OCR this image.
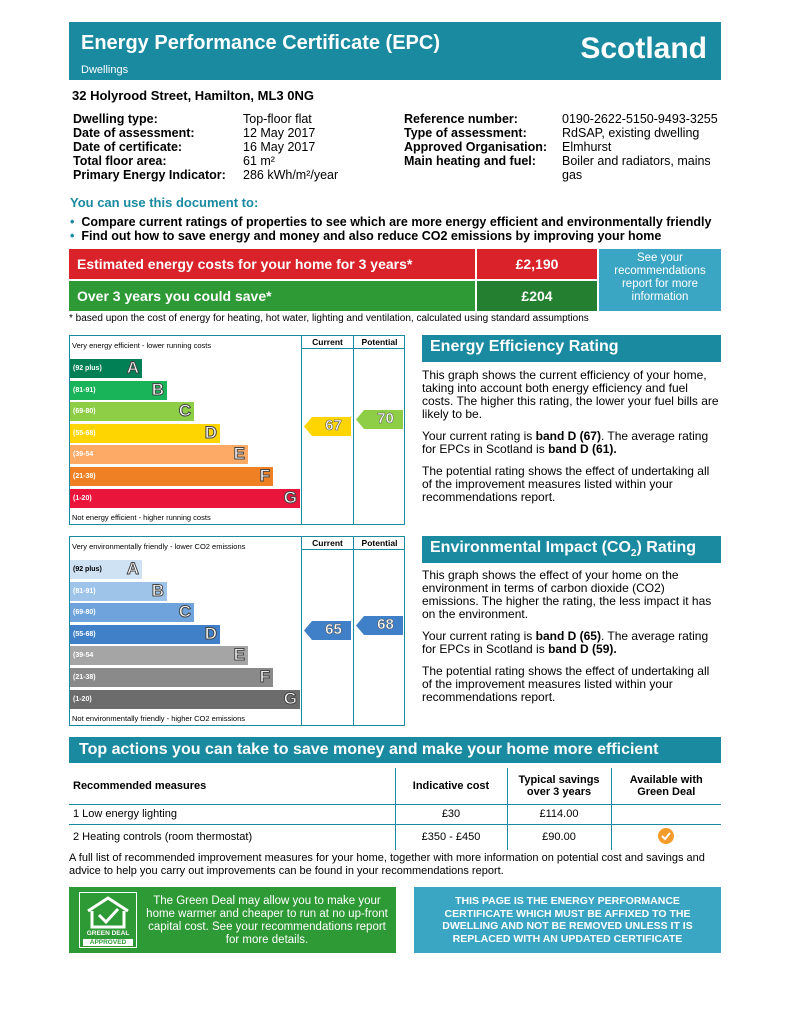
Energy Performance Certificate (EPC)
Dwellings
Scotland
32 Holyrood Street, Hamilton, ML3 0NG
Dwelling type:	Top-floor flat
Date of assessment:	12 May 2017
Date of certificate:	16 May 2017
Total floor area:	61 m²
Primary Energy Indicator:	286 kWh/m²/year
Reference number:	0190-2622-5150-9493-3255
Type of assessment:	RdSAP, existing dwelling
Approved Organisation:	Elmhurst
Main heating and fuel:	Boiler and radiators, mains gas
You can use this document to:
• Compare current ratings of properties to see which are more energy efficient and environmentally friendly
• Find out how to save energy and money and also reduce CO2 emissions by improving your home
Estimated energy costs for your home for 3 years*	£2,190
Over 3 years you could save*	£204
See your recommendations report for more information
* based upon the cost of energy for heating, hot water, lighting and ventilation, calculated using standard assumptions
Current	Potential
Very energy efficient - lower running costs
Not energy efficient - higher running costs
(92 plus) A
(81-91)	B
(69-80)	C
(55-68)	D
(39-54	E
(21-38)	F
(1-20)	G
67	70
Current	Potential
Very environmentally friendly - lower CO2 emissions
Not environmentally friendly - higher CO2 emissions
(92 plus) A
(81-91)	B
(69-80)	C
(55-68)	D
(39-54	E
(21-38)	F
(1-20)	G
65	68
Energy Efficiency Rating

This graph shows the current efficiency of your home, taking into account both energy efficiency and fuel costs. The higher this rating, the lower your fuel bills are likely to be.

Your current rating is band D (67). The average rating for EPCs in Scotland is band D (61).

The potential rating shows the effect of undertaking all of the improvement measures listed within your recommendations report.

Environmental Impact $(CO_2)$ Rating

This graph shows the effect of your home on the environment in terms of carbon dioxide (CO2) emissions. The higher the rating, the less impact it has on the environment.

Your current rating is band D (65). The average rating for EPCs in Scotland is band D (59).

The potential rating shows the effect of undertaking all of the improvement measures listed within your recommendations report.

Top actions you can take to save money and make your home more efficient
Recommended measures	Indicative cost	Typical savings over 3 years	Available with Green Deal
1 Low energy lighting	£30	£114.00	
2 Heating controls (room thermostat)	£350 - £450	£90.00	
A full list of recommended improvement measures for your home, together with more information on potential cost and savings and advice to help you carry out improvements can be found in your recommendations report.
GREEN DEAL
APPROVED
The Green Deal may allow you to make your home warmer and cheaper to run at no up-front capital cost. See your recommendations report for more details.
THIS PAGE IS THE ENERGY PERFORMANCE CERTIFICATE WHICH MUST BE AFFIXED TO THE DWELLING AND NOT BE REMOVED UNLESS IT IS REPLACED WITH AN UPDATED CERTIFICATE
